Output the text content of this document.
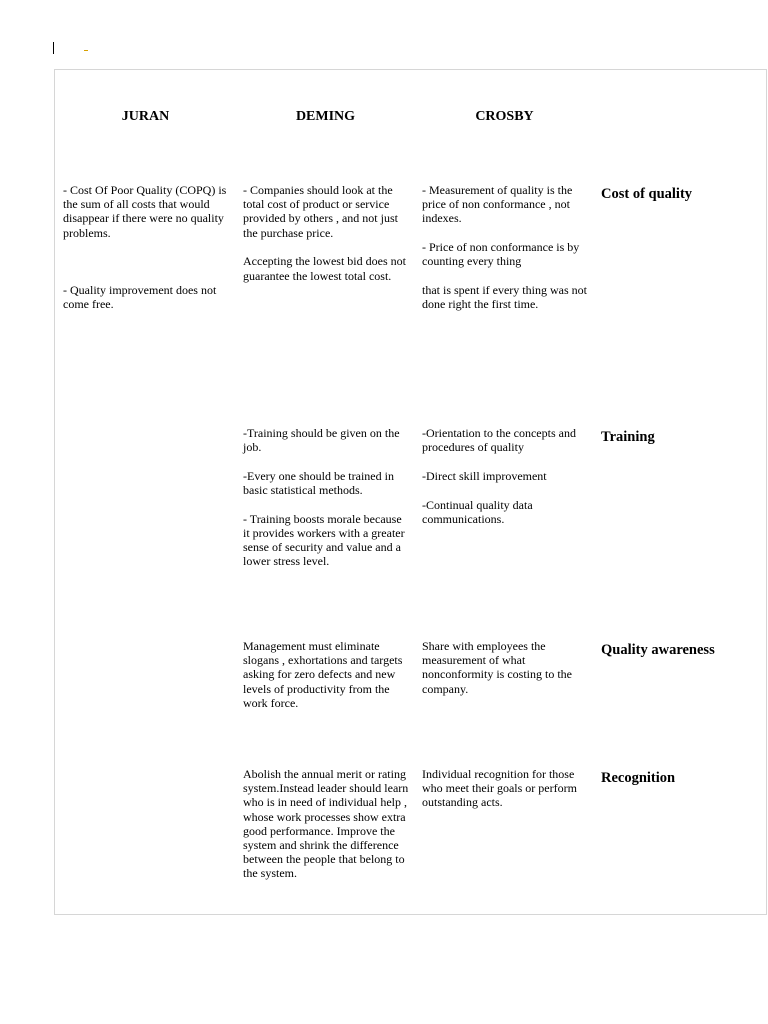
JURAN	DEMING	CROSBY

- Cost Of Poor Quality (COPQ) is the sum of all costs that would disappear if there were no quality problems.

- Quality improvement does not come free.

- Companies should look at the total cost of product or service provided by others , and not just the purchase price.

Accepting the lowest bid does not guarantee the lowest total cost.

- Measurement of quality is the price of non conformance , not indexes.

- Price of non conformance is by counting every thing

that is spent if every thing was not done right the first time.

Cost of quality

-Training should be given on the job.

-Every one should be trained in basic statistical methods.

- Training boosts morale because it provides workers with a greater sense of security and value and a lower stress level.

-Orientation to the concepts and procedures of quality

-Direct skill improvement

-Continual quality data communications.

Training

Management must eliminate slogans , exhortations and targets asking for zero defects and new levels of productivity from the work force.

Share with employees the measurement of what nonconformity is costing to the company.

Quality awareness

Abolish the annual merit or rating system.Instead leader should learn who is in need of individual help , whose work processes show extra good performance. Improve the system and shrink the difference between the people that belong to the system.

Individual recognition for those who meet their goals or perform outstanding acts.

Recognition
